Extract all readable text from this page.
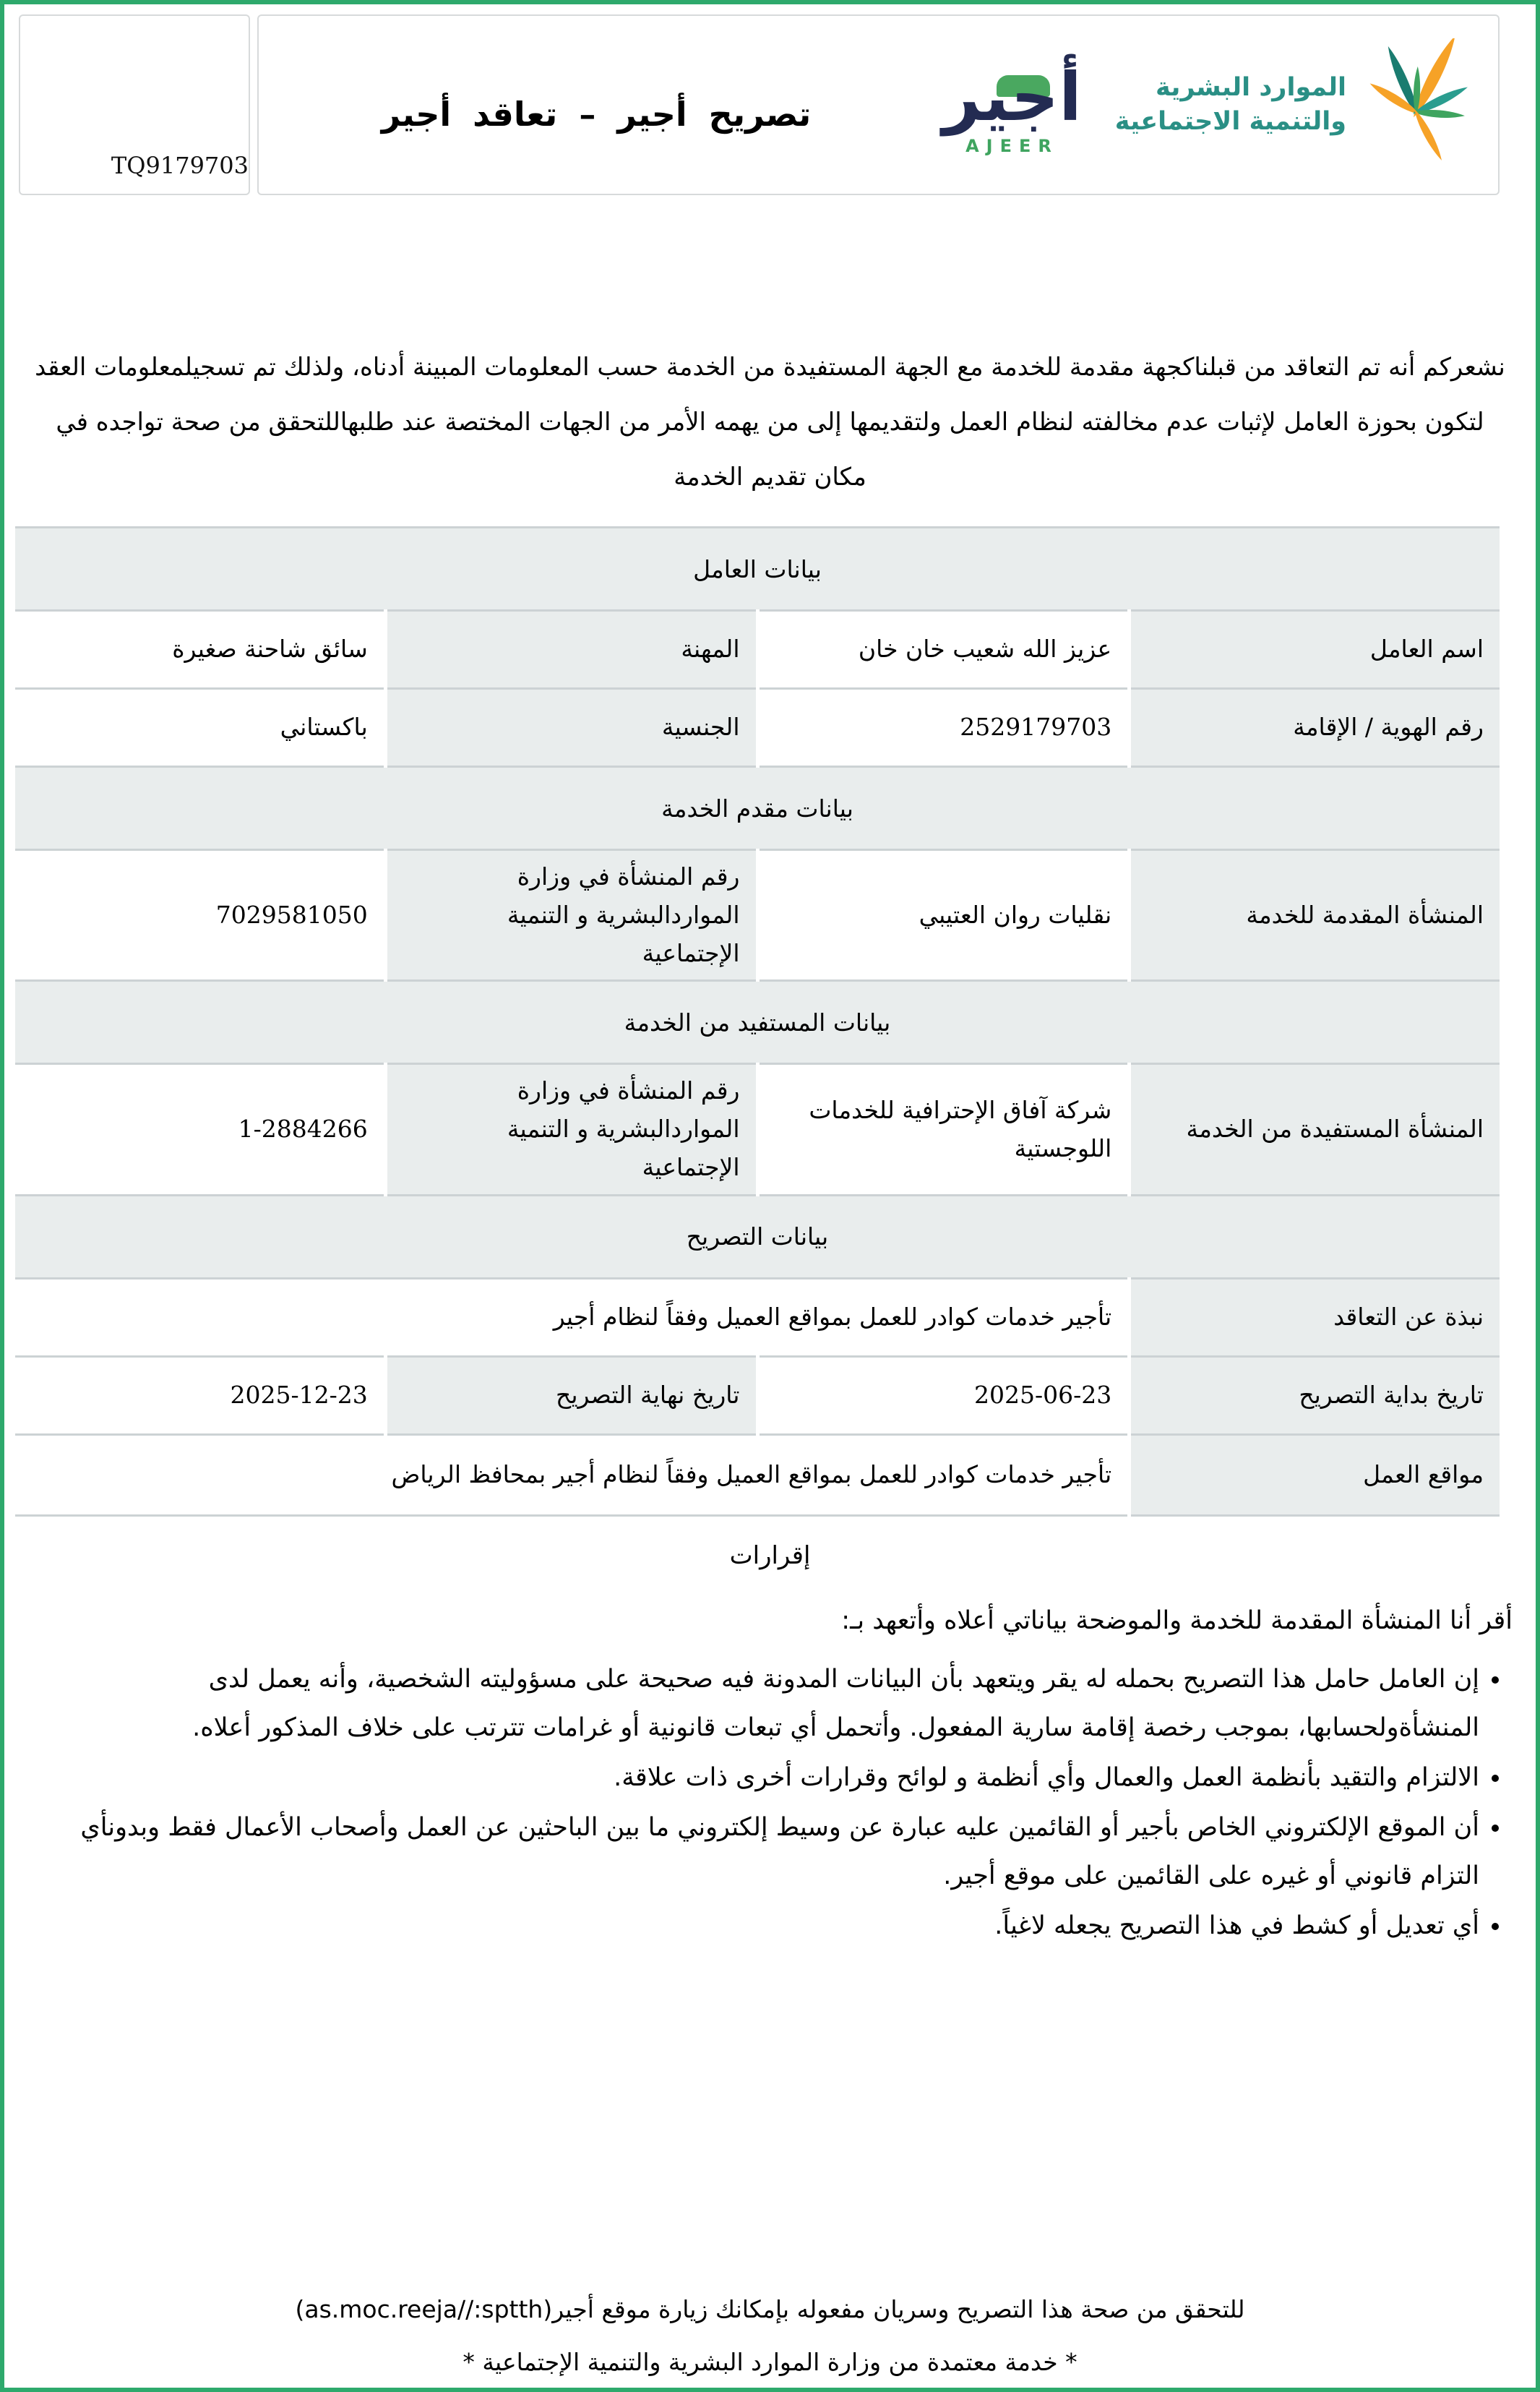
الموارد البشرية
والتنمية الاجتماعية
أجير
AJEER
تصريح أجير – تعاقد أجير
TQ9179703

نشعركم أنه تم التعاقد من قبلناكجهة مقدمة للخدمة مع الجهة المستفيدة من الخدمة حسب المعلومات المبينة أدناه، ولذلك تم تسجيلمعلومات العقد لتكون بحوزة العامل لإثبات عدم مخالفته لنظام العمل ولتقديمها إلى من يهمه الأمر من الجهات المختصة عند طلبهاللتحقق من صحة تواجده في مكان تقديم الخدمة

بيانات العامل			
اسم العامل	عزيز الله شعيب خان خان	المهنة	سائق شاحنة صغيرة
رقم الهوية / الإقامة	2529179703	الجنسية	باكستاني
بيانات مقدم الخدمة			
المنشأة المقدمة للخدمة	نقليات روان العتيبي	رقم المنشأة في وزارة المواردالبشرية و التنمية الإجتماعية	7029581050
بيانات المستفيد من الخدمة			
المنشأة المستفيدة من الخدمة	شركة آفاق الإحترافية للخدمات اللوجستية	رقم المنشأة في وزارة المواردالبشرية و التنمية الإجتماعية	1-2884266
بيانات التصريح			
نبذة عن التعاقد	تأجير خدمات كوادر للعمل بمواقع العميل وفقاً لنظام أجير		
تاريخ بداية التصريح	2025-06-23	تاريخ نهاية التصريح	2025-12-23
مواقع العمل	تأجير خدمات كوادر للعمل بمواقع العميل وفقاً لنظام أجير بمحافظ الرياض		
إقرارات
أقر أنا المنشأة المقدمة للخدمة والموضحة بياناتي أعلاه وأتعهد بـ:
• إن العامل حامل هذا التصريح بحمله له يقر ويتعهد بأن البيانات المدونة فيه صحيحة على مسؤوليته الشخصية، وأنه يعمل لدى المنشأةولحسابها، بموجب رخصة إقامة سارية المفعول. وأتحمل أي تبعات قانونية أو غرامات تترتب على خلاف المذكور أعلاه.
• الالتزام والتقيد بأنظمة العمل والعمال وأي أنظمة و لوائح وقرارات أخرى ذات علاقة.
• أن الموقع الإلكتروني الخاص بأجير أو القائمين عليه عبارة عن وسيط إلكتروني ما بين الباحثين عن العمل وأصحاب الأعمال فقط وبدونأي التزام قانوني أو غيره على القائمين على موقع أجير.
• أي تعديل أو كشط في هذا التصريح يجعله لاغياً.
للتحقق من صحة هذا التصريح وسريان مفعوله بإمكانك زيارة موقع أجير(as.moc.reeja//:sptth)
* خدمة معتمدة من وزارة الموارد البشرية والتنمية الإجتماعية *
